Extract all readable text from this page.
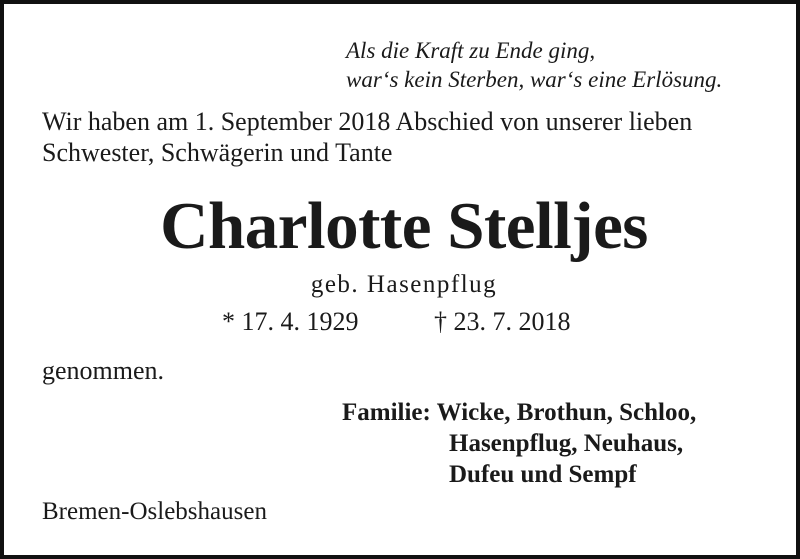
Als die Kraft zu Ende ging,
war‘s kein Sterben, war‘s eine Erlösung.
Wir haben am 1. September 2018 Abschied von unserer lieben
Schwester, Schwägerin und Tante
Charlotte Stelljes
geb. Hasenpflug
* 17. 4. 1929	† 23. 7. 2018
genommen.
Familie: Wicke, Brothun, Schloo,
Hasenpflug, Neuhaus,
Dufeu und Sempf
Bremen-Oslebshausen
